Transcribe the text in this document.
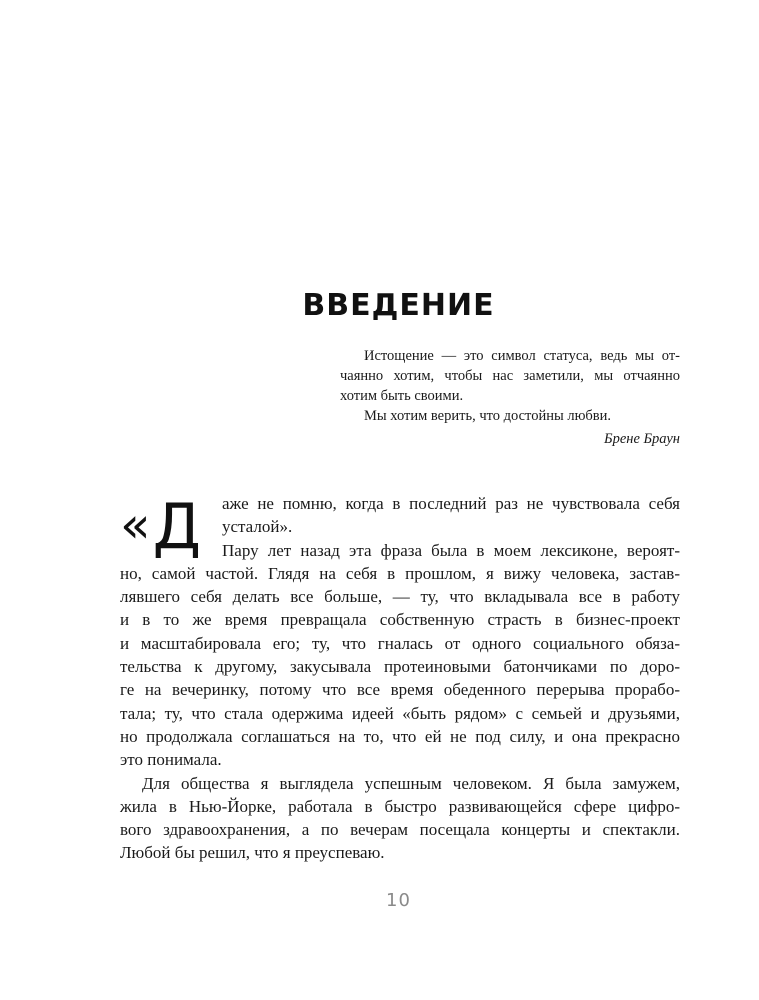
ВВЕДЕНИЕ

Истощение — это символ статуса, ведь мы от-
чаянно хотим, чтобы нас заметили, мы отчаянно
хотим быть своими.

Мы хотим верить, что достойны любви.

Брене Браун

«Д	аже не помню, когда в последний раз не чувствовала себя
усталой».
Пару лет назад эта фраза была в моем лексиконе, вероят-
но, самой частой. Глядя на себя в прошлом, я вижу человека, застав-
лявшего себя делать все больше, — ту, что вкладывала все в работу
и в то же время превращала собственную страсть в бизнес-проект
и масштабировала его; ту, что гналась от одного социального обяза-
тельства к другому, закусывала протеиновыми батончиками по доро-
ге на вечеринку, потому что все время обеденного перерыва прорабо-
тала; ту, что стала одержима идеей «быть рядом» с семьей и друзьями,
но продолжала соглашаться на то, что ей не под силу, и она прекрасно
это понимала.
Для общества я выглядела успешным человеком. Я была замужем,
жила в Нью-Йорке, работала в быстро развивающейся сфере цифро-
вого здравоохранения, а по вечерам посещала концерты и спектакли.
Любой бы решил, что я преуспеваю.
10
